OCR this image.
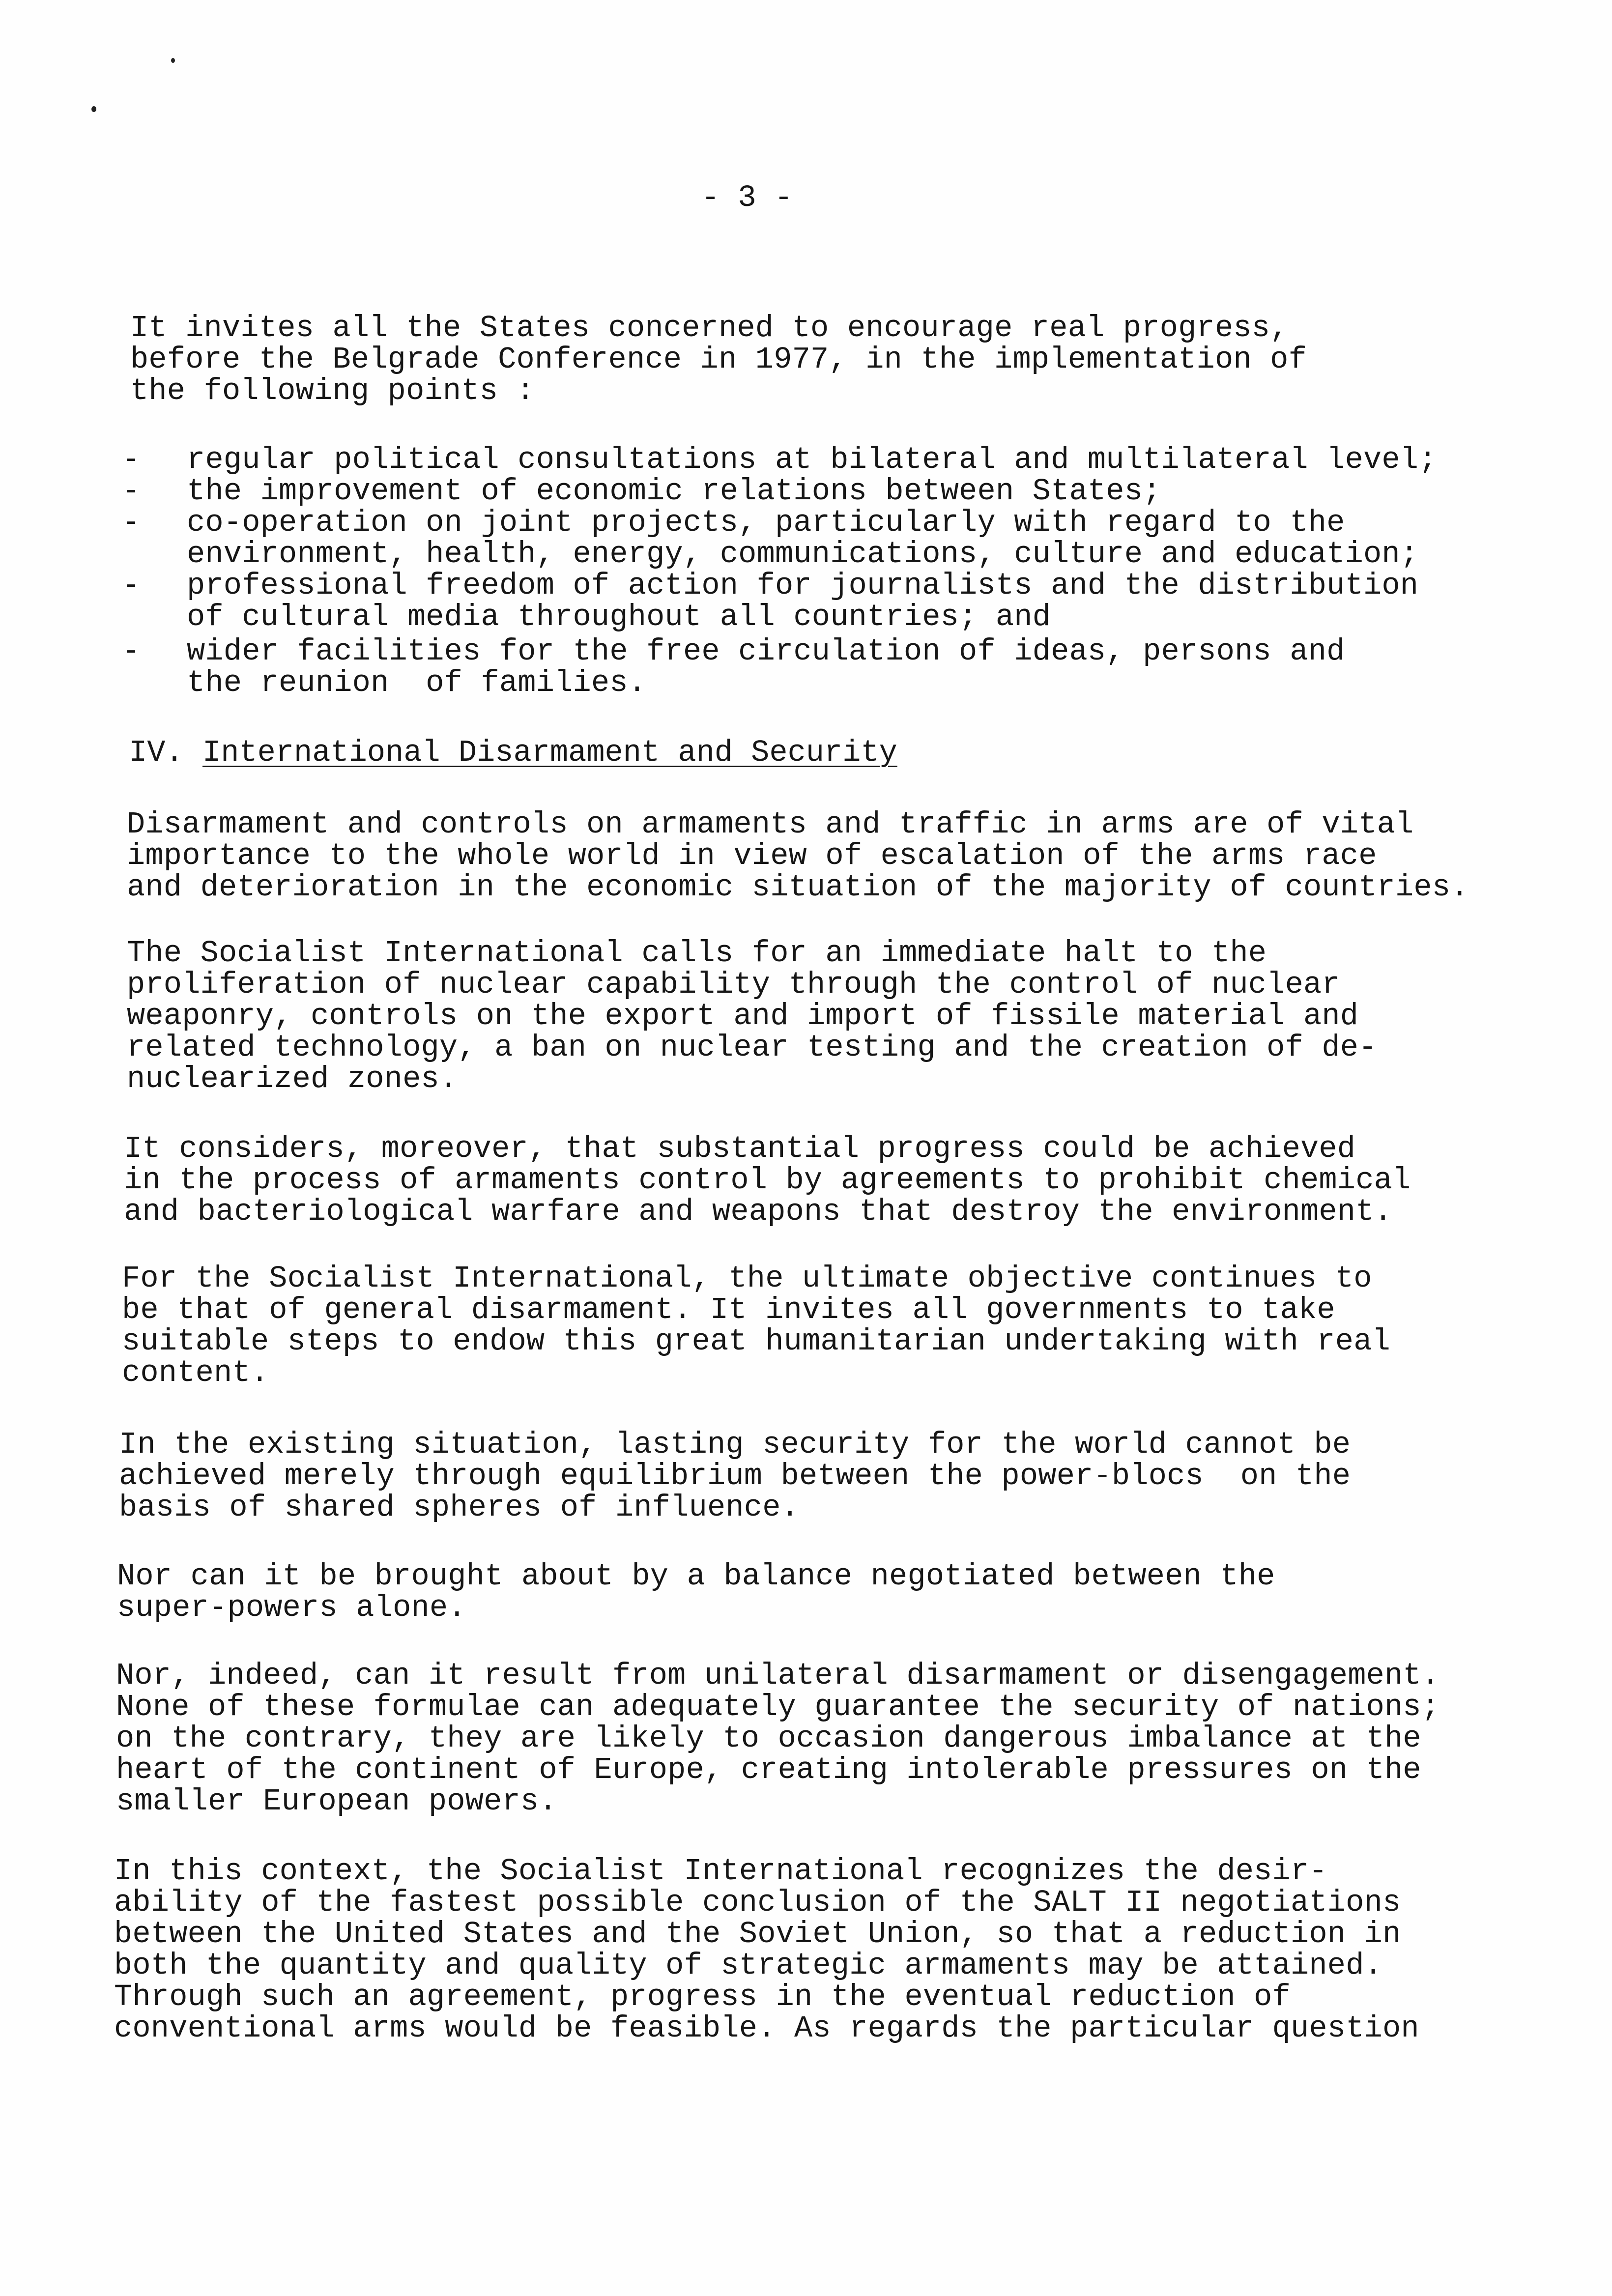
- 3 -
It invites all the States concerned to encourage real progress,
before the Belgrade Conference in 1977, in the implementation of
the following points :
- regular political consultations at bilateral and multilateral level;
- the improvement of economic relations between States;
- co-operation on joint projects, particularly with regard to the
environment, health, energy, communications, culture and education;
- professional freedom of action for journalists and the distribution
of cultural media throughout all countries; and
- wider facilities for the free circulation of ideas, persons and
the reunion  of families.
IV. International Disarmament and Security
Disarmament and controls on armaments and traffic in arms are of vital
importance to the whole world in view of escalation of the arms race
and deterioration in the economic situation of the majority of countries.
The Socialist International calls for an immediate halt to the
proliferation of nuclear capability through the control of nuclear
weaponry, controls on the export and import of fissile material and
related technology, a ban on nuclear testing and the creation of de-
nuclearized zones.
It considers, moreover, that substantial progress could be achieved
in the process of armaments control by agreements to prohibit chemical
and bacteriological warfare and weapons that destroy the environment.
For the Socialist International, the ultimate objective continues to
be that of general disarmament. It invites all governments to take
suitable steps to endow this great humanitarian undertaking with real
content.
In the existing situation, lasting security for the world cannot be
achieved merely through equilibrium between the power-blocs  on the
basis of shared spheres of influence.
Nor can it be brought about by a balance negotiated between the
super-powers alone.
Nor, indeed, can it result from unilateral disarmament or disengagement.
None of these formulae can adequately guarantee the security of nations;
on the contrary, they are likely to occasion dangerous imbalance at the
heart of the continent of Europe, creating intolerable pressures on the
smaller European powers.
In this context, the Socialist International recognizes the desir-
ability of the fastest possible conclusion of the SALT II negotiations
between the United States and the Soviet Union, so that a reduction in
both the quantity and quality of strategic armaments may be attained.
Through such an agreement, progress in the eventual reduction of
conventional arms would be feasible. As regards the particular question
